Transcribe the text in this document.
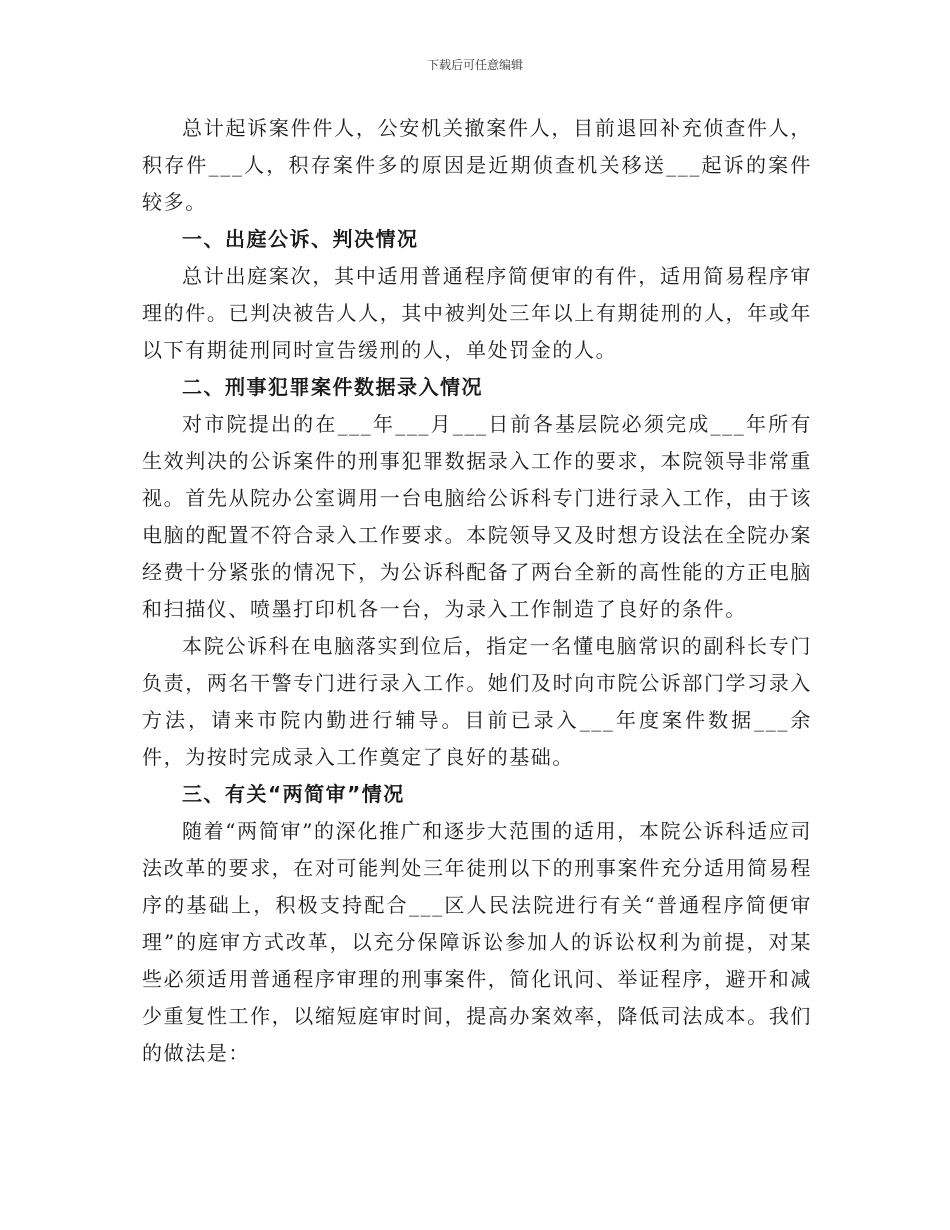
下载后可任意编辑

总计起诉案件件人，公安机关撤案件人，目前退回补充侦查件人，积存件___人，积存案件多的原因是近期侦查机关移送___起诉的案件较多。

一、出庭公诉、判决情况

总计出庭案次，其中适用普通程序简便审的有件，适用简易程序审理的件。已判决被告人人，其中被判处三年以上有期徒刑的人，年或年以下有期徒刑同时宣告缓刑的人，单处罚金的人。

二、刑事犯罪案件数据录入情况

对市院提出的在___年___月___日前各基层院必须完成___年所有生效判决的公诉案件的刑事犯罪数据录入工作的要求，本院领导非常重视。首先从院办公室调用一台电脑给公诉科专门进行录入工作，由于该电脑的配置不符合录入工作要求。本院领导又及时想方设法在全院办案经费十分紧张的情况下，为公诉科配备了两台全新的高性能的方正电脑和扫描仪、喷墨打印机各一台，为录入工作制造了良好的条件。

本院公诉科在电脑落实到位后，指定一名懂电脑常识的副科长专门负责，两名干警专门进行录入工作。她们及时向市院公诉部门学习录入方法，请来市院内勤进行辅导。目前已录入___年度案件数据___余件，为按时完成录入工作奠定了良好的基础。

三、有关“两简审”情况

随着“两简审”的深化推广和逐步大范围的适用，本院公诉科适应司法改革的要求，在对可能判处三年徒刑以下的刑事案件充分适用简易程序的基础上，积极支持配合___区人民法院进行有关“普通程序简便审理”的庭审方式改革，以充分保障诉讼参加人的诉讼权利为前提，对某些必须适用普通程序审理的刑事案件，简化讯问、举证程序，避开和减少重复性工作，以缩短庭审时间，提高办案效率，降低司法成本。我们的做法是：
